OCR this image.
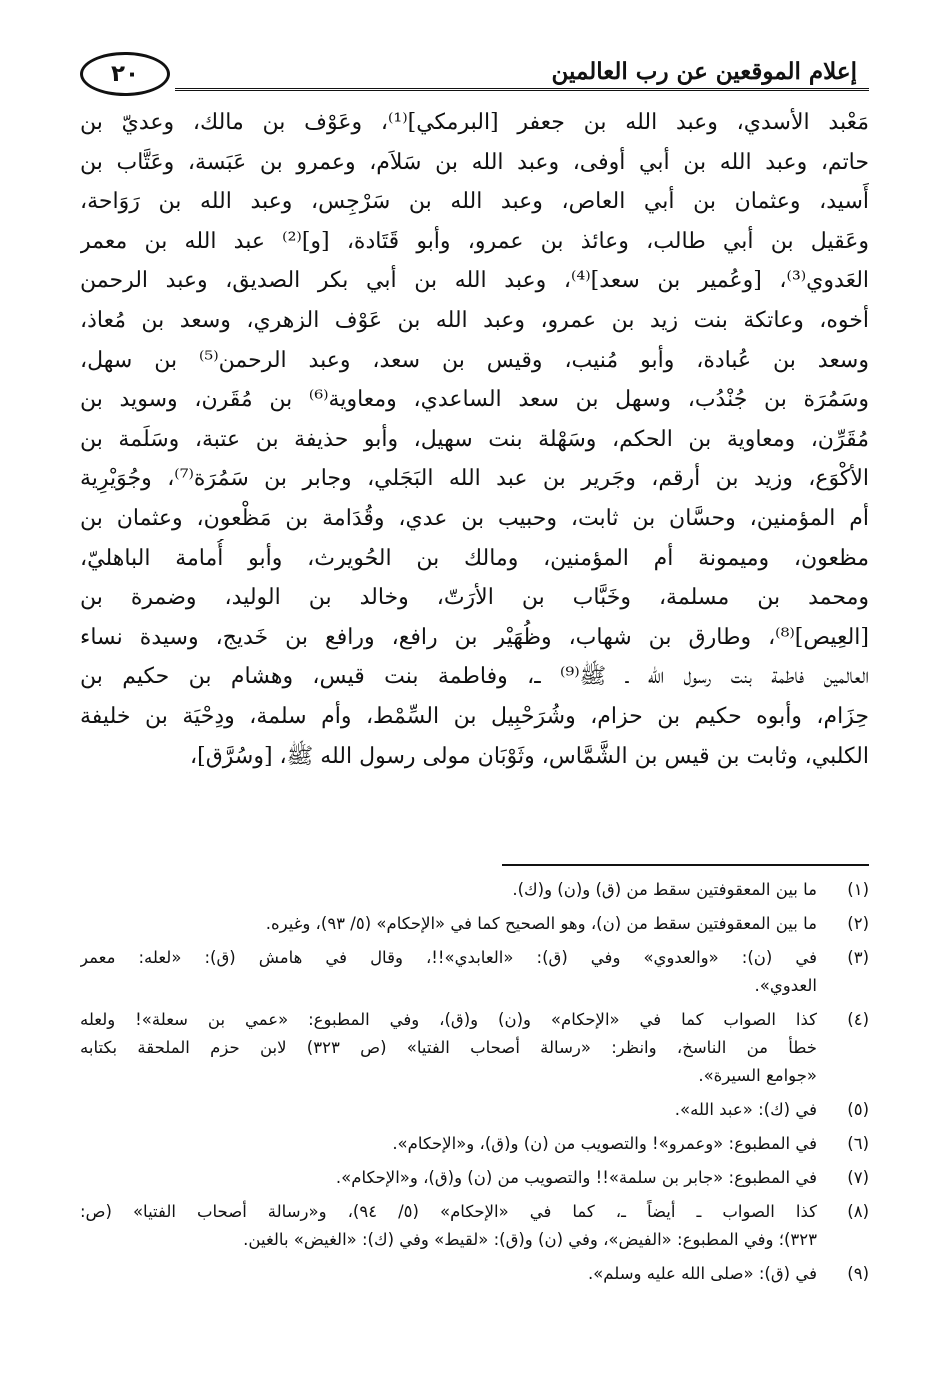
إعلام الموقعين عن رب العالمين
٢٠
مَعْبد الأسدي، وعبد الله بن جعفر [البرمكي]⁽¹⁾، وعَوْف بن مالك، وعديّ بن
حاتم، وعبد الله بن أبي أوفى، وعبد الله بن سَلاَم، وعمرو بن عَبَسة، وعَتَّاب بن
أَسيد، وعثمان بن أبي العاص، وعبد الله بن سَرْجِس، وعبد الله بن رَوَاحة،
وعَقيل بن أبي طالب، وعائذ بن عمرو، وأبو قَتَادة، [و]⁽²⁾ عبد الله بن معمر
العَدوي⁽³⁾، [وعُمير بن سعد]⁽⁴⁾، وعبد الله بن أبي بكر الصديق، وعبد الرحمن
أخوه، وعاتكة بنت زيد بن عمرو، وعبد الله بن عَوْف الزهري، وسعد بن مُعاذ،
وسعد بن عُبادة، وأبو مُنيب، وقيس بن سعد، وعبد الرحمن⁽⁵⁾ بن سهل،
وسَمُرَة بن جُنْدُب، وسهل بن سعد الساعدي، ومعاوية⁽⁶⁾ بن مُقَرن، وسويد بن
مُقَرِّن، ومعاوية بن الحكم، وسَهْلة بنت سهيل، وأبو حذيفة بن عتبة، وسَلَمة بن
الأكْوَع، وزيد بن أرقم، وجَرير بن عبد الله البَجَلي، وجابر بن سَمُرَة⁽⁷⁾، وجُوَيْرِية
أم المؤمنين، وحسَّان بن ثابت، وحبيب بن عدي، وقُدَامة بن مَظْعون، وعثمان بن
مظعون، وميمونة أم المؤمنين، ومالك بن الحُويرث، وأبو أُمامة الباهليّ،
ومحمد بن مسلمة، وخَبَّاب بن الأرَتّ، وخالد بن الوليد، وضمرة بن
[العِيص]⁽⁸⁾، وطارق بن شهاب، وظُهَيْر بن رافع، ورافع بن خَديج، وسيدة نساء
العالمين فاطمة بنت رسول الله ـ ﷺ⁽⁹⁾ ـ، وفاطمة بنت قيس، وهشام بن حكيم بن
حِزَام، وأبوه حكيم بن حزام، وشُرَحْبِيل بن السِّمْط، وأم سلمة، ودِحْيَة بن خليفة
الكلبي، وثابت بن قيس بن الشَّمَّاس، وثَوْبَان مولى رسول الله ﷺ، [وسُرَّق]،
(١)
ما بين المعقوفتين سقط من (ق) و(ن) و(ك).
(٢)
ما بين المعقوفتين سقط من (ن)، وهو الصحيح كما في «الإحكام» (٥/ ٩٣)، وغيره.
(٣)
في (ن): «والعدوي» وفي (ق): «العابدي»!!، وقال في هامش (ق): «لعله: معمر
العدوي».
(٤)
كذا الصواب كما في «الإحكام» و(ن) و(ق)، وفي المطبوع: «عمي بن سعلة»! ولعله
خطأ من الناسخ، وانظر: «رسالة أصحاب الفتيا» (ص ٣٢٣) لابن حزم الملحقة بكتابه
«جوامع السيرة».
(٥)
في (ك): «عبد الله».
(٦)
في المطبوع: «وعمرو»! والتصويب من (ن) و(ق)، و«الإحكام».
(٧)
في المطبوع: «جابر بن سلمة»!! والتصويب من (ن) و(ق)، و«الإحكام».
(٨)
كذا الصواب ـ أيضاً ـ، كما في «الإحكام» (٥/ ٩٤)، و«رسالة أصحاب الفتيا» (ص:
٣٢٣)؛ وفي المطبوع: «الفيض»، وفي (ن) و(ق): «لقيط» وفي (ك): «الغيض» بالغين.
(٩)
في (ق): «صلى الله عليه وسلم».
